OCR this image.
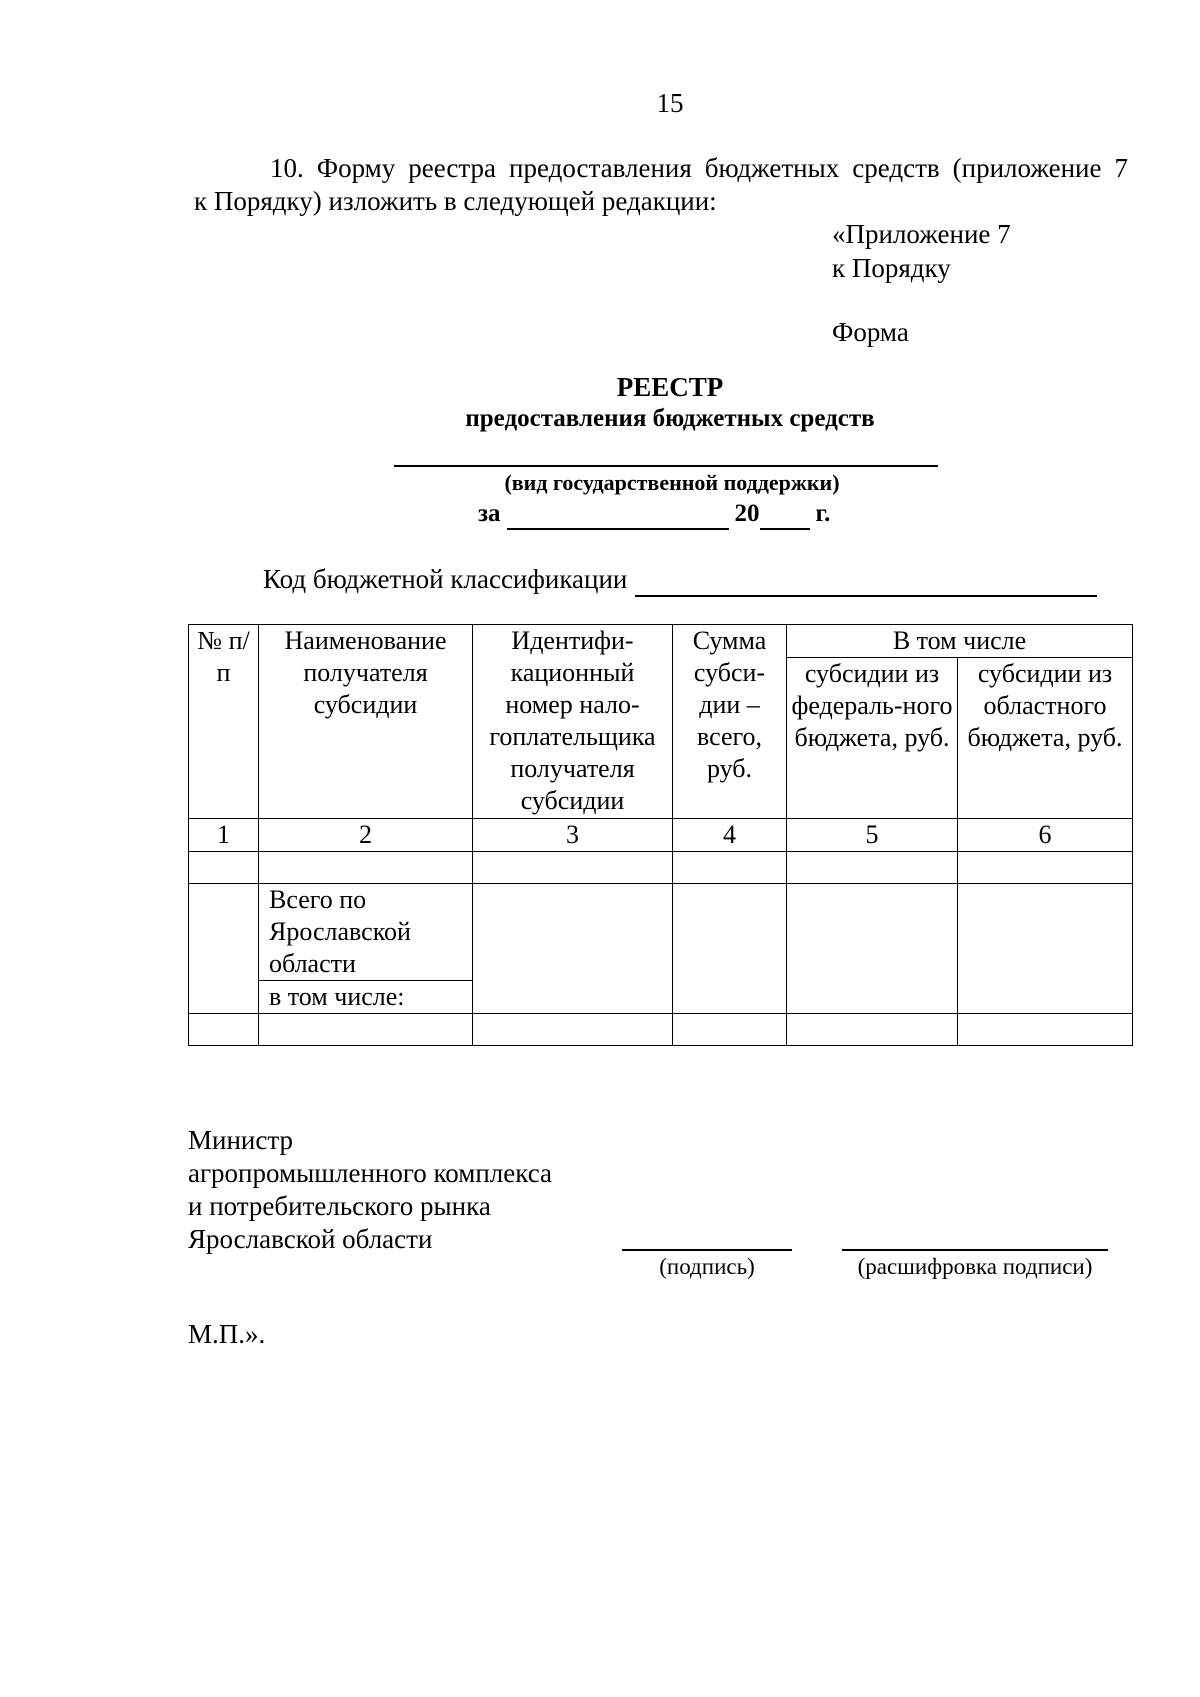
15
10. Форму реестра предоставления бюджетных средств (приложение 7
к Порядку) изложить в следующей редакции:
«Приложение 7
к Порядку
Форма
РЕЕСТР
предоставления бюджетных средств
(вид государственной поддержки)
за	20 г.
Код бюджетной классификации
№ п/п	Наименование получателя субсидии	Идентифи-кационный номер нало-гоплательщика получателя субсидии	Сумма субси-дии – всего, руб.	В том числе	
				субсидии из федераль-ного бюджета, руб.	субсидии из областного бюджета, руб.
1	2	3	4	5	6

	Всего по Ярославской области				
	в том числе:				

Министр
агропромышленного комплекса
и потребительского рынка
Ярославской области
(подпись)	(расшифровка подписи)
М.П.».
